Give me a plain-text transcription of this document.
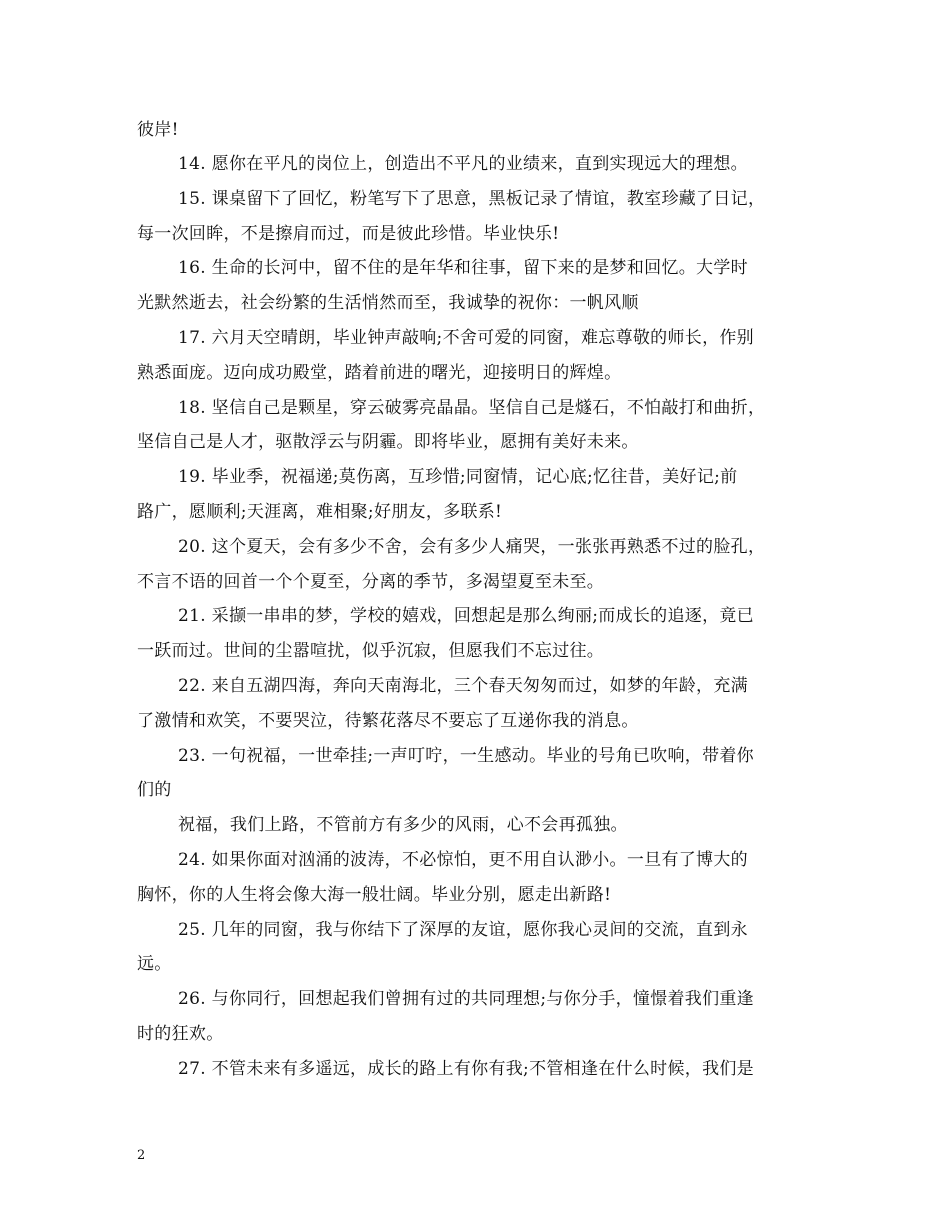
彼岸!
14. 愿你在平凡的岗位上，创造出不平凡的业绩来，直到实现远大的理想。
15. 课桌留下了回忆，粉笔写下了思意，黑板记录了情谊，教室珍藏了日记，
每一次回眸，不是擦肩而过，而是彼此珍惜。毕业快乐!
16. 生命的长河中，留不住的是年华和往事，留下来的是梦和回忆。大学时
光默然逝去，社会纷繁的生活悄然而至，我诚挚的祝你：一帆风顺
17. 六月天空晴朗，毕业钟声敲响;不舍可爱的同窗，难忘尊敬的师长，作别
熟悉面庞。迈向成功殿堂，踏着前进的曙光，迎接明日的辉煌。
18. 坚信自己是颗星，穿云破雾亮晶晶。坚信自己是燧石，不怕敲打和曲折，
坚信自己是人才，驱散浮云与阴霾。即将毕业，愿拥有美好未来。
19. 毕业季，祝福递;莫伤离，互珍惜;同窗情，记心底;忆往昔，美好记;前
路广，愿顺利;天涯离，难相聚;好朋友，多联系!
20. 这个夏天，会有多少不舍，会有多少人痛哭，一张张再熟悉不过的脸孔，
不言不语的回首一个个夏至，分离的季节，多渴望夏至未至。
21. 采撷一串串的梦，学校的嬉戏，回想起是那么绚丽;而成长的追逐，竟已
一跃而过。世间的尘嚣喧扰，似乎沉寂，但愿我们不忘过往。
22. 来自五湖四海，奔向天南海北，三个春天匆匆而过，如梦的年龄，充满
了激情和欢笑，不要哭泣，待繁花落尽不要忘了互递你我的消息。
23. 一句祝福，一世牵挂;一声叮咛，一生感动。毕业的号角已吹响，带着你
们的
祝福，我们上路，不管前方有多少的风雨，心不会再孤独。
24. 如果你面对汹涌的波涛，不必惊怕，更不用自认渺小。一旦有了博大的
胸怀，你的人生将会像大海一般壮阔。毕业分别，愿走出新路!
25. 几年的同窗，我与你结下了深厚的友谊，愿你我心灵间的交流，直到永
远。
26. 与你同行，回想起我们曾拥有过的共同理想;与你分手，憧憬着我们重逢
时的狂欢。
27. 不管未来有多遥远，成长的路上有你有我;不管相逢在什么时候，我们是
2
